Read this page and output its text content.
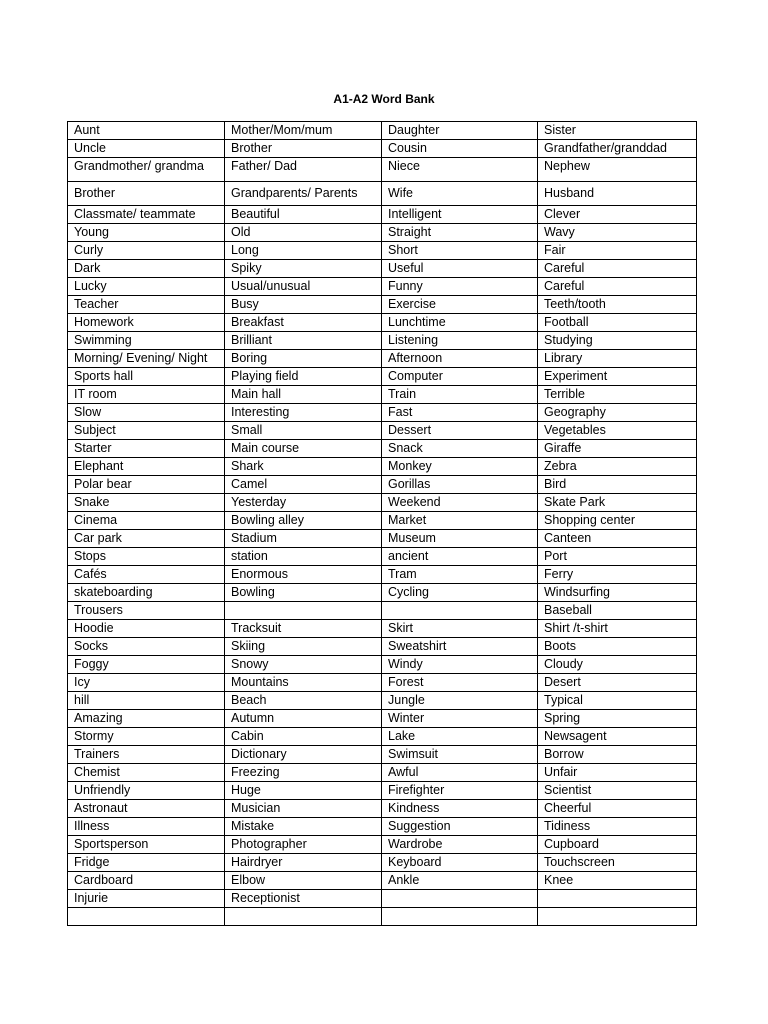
A1-A2 Word Bank
Aunt	Mother/Mom/mum	Daughter	Sister
Uncle	Brother	Cousin	Grandfather/granddad
Grandmother/ grandma	Father/ Dad	Niece	Nephew
Brother	Grandparents/ Parents	Wife	Husband
Classmate/ teammate	Beautiful	Intelligent	Clever
Young	Old	Straight	Wavy
Curly	Long	Short	Fair
Dark	Spiky	Useful	Careful
Lucky	Usual/unusual	Funny	Careful
Teacher	Busy	Exercise	Teeth/tooth
Homework	Breakfast	Lunchtime	Football
Swimming	Brilliant	Listening	Studying
Morning/ Evening/ Night	Boring	Afternoon	Library
Sports hall	Playing field	Computer	Experiment
IT room	Main hall	Train	Terrible
Slow	Interesting	Fast	Geography
Subject	Small	Dessert	Vegetables
Starter	Main course	Snack	Giraffe
Elephant	Shark	Monkey	Zebra
Polar bear	Camel	Gorillas	Bird
Snake	Yesterday	Weekend	Skate Park
Cinema	Bowling alley	Market	Shopping center
Car park	Stadium	Museum	Canteen
Stops	station	ancient	Port
Cafés	Enormous	Tram	Ferry
skateboarding	Bowling	Cycling	Windsurfing
Trousers			Baseball
Hoodie	Tracksuit	Skirt	Shirt /t-shirt
Socks	Skiing	Sweatshirt	Boots
Foggy	Snowy	Windy	Cloudy
Icy	Mountains	Forest	Desert
hill	Beach	Jungle	Typical
Amazing	Autumn	Winter	Spring
Stormy	Cabin	Lake	Newsagent
Trainers	Dictionary	Swimsuit	Borrow
Chemist	Freezing	Awful	Unfair
Unfriendly	Huge	Firefighter	Scientist
Astronaut	Musician	Kindness	Cheerful
Illness	Mistake	Suggestion	Tidiness
Sportsperson	Photographer	Wardrobe	Cupboard
Fridge	Hairdryer	Keyboard	Touchscreen
Cardboard	Elbow	Ankle	Knee
Injurie	Receptionist		
